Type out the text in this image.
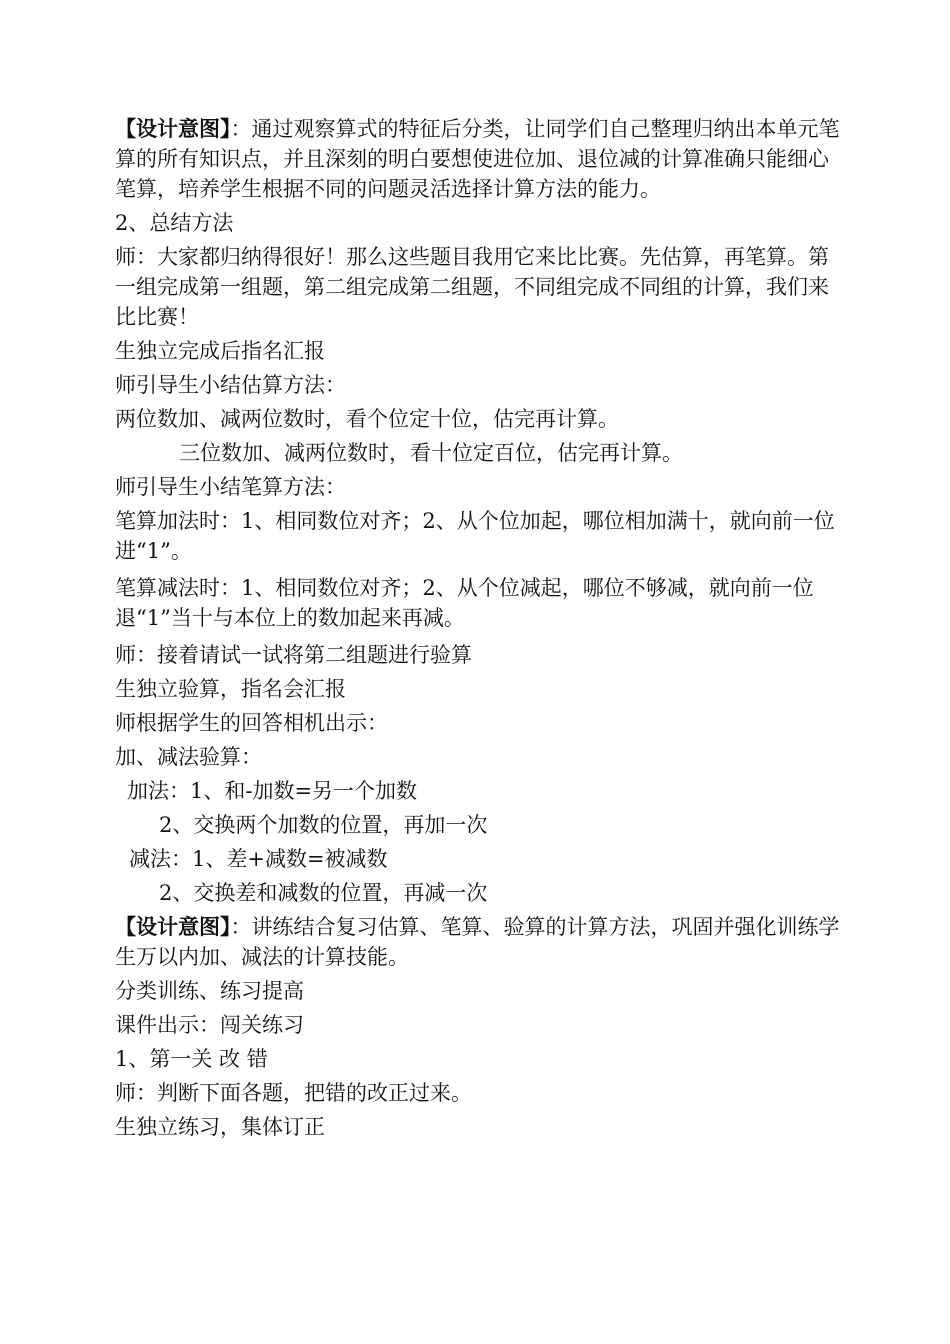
【设计意图】：通过观察算式的特征后分类，让同学们自己整理归纳出本单元笔算的所有知识点，并且深刻的明白要想使进位加、退位减的计算准确只能细心笔算，培养学生根据不同的问题灵活选择计算方法的能力。

2、总结方法

师：大家都归纳得很好！那么这些题目我用它来比比赛。先估算，再笔算。第一组完成第一组题，第二组完成第二组题，不同组完成不同组的计算，我们来比比赛！

生独立完成后指名汇报

师引导生小结估算方法：

两位数加、减两位数时，看个位定十位，估完再计算。

三位数加、减两位数时，看十位定百位，估完再计算。

师引导生小结笔算方法：

笔算加法时：1、相同数位对齐；2、从个位加起，哪位相加满十，就向前一位进“1”。

笔算减法时：1、相同数位对齐；2、从个位减起，哪位不够减，就向前一位退“1”当十与本位上的数加起来再减。

师：接着请试一试将第二组题进行验算

生独立验算，指名会汇报

师根据学生的回答相机出示：

加、减法验算：

加法：1、和-加数=另一个加数

2、交换两个加数的位置，再加一次

减法：1、差+减数=被减数

2、交换差和减数的位置，再减一次

【设计意图】：讲练结合复习估算、笔算、验算的计算方法，巩固并强化训练学生万以内加、减法的计算技能。

分类训练、练习提高

课件出示：闯关练习

1、第一关 改 错

师：判断下面各题，把错的改正过来。

生独立练习，集体订正
